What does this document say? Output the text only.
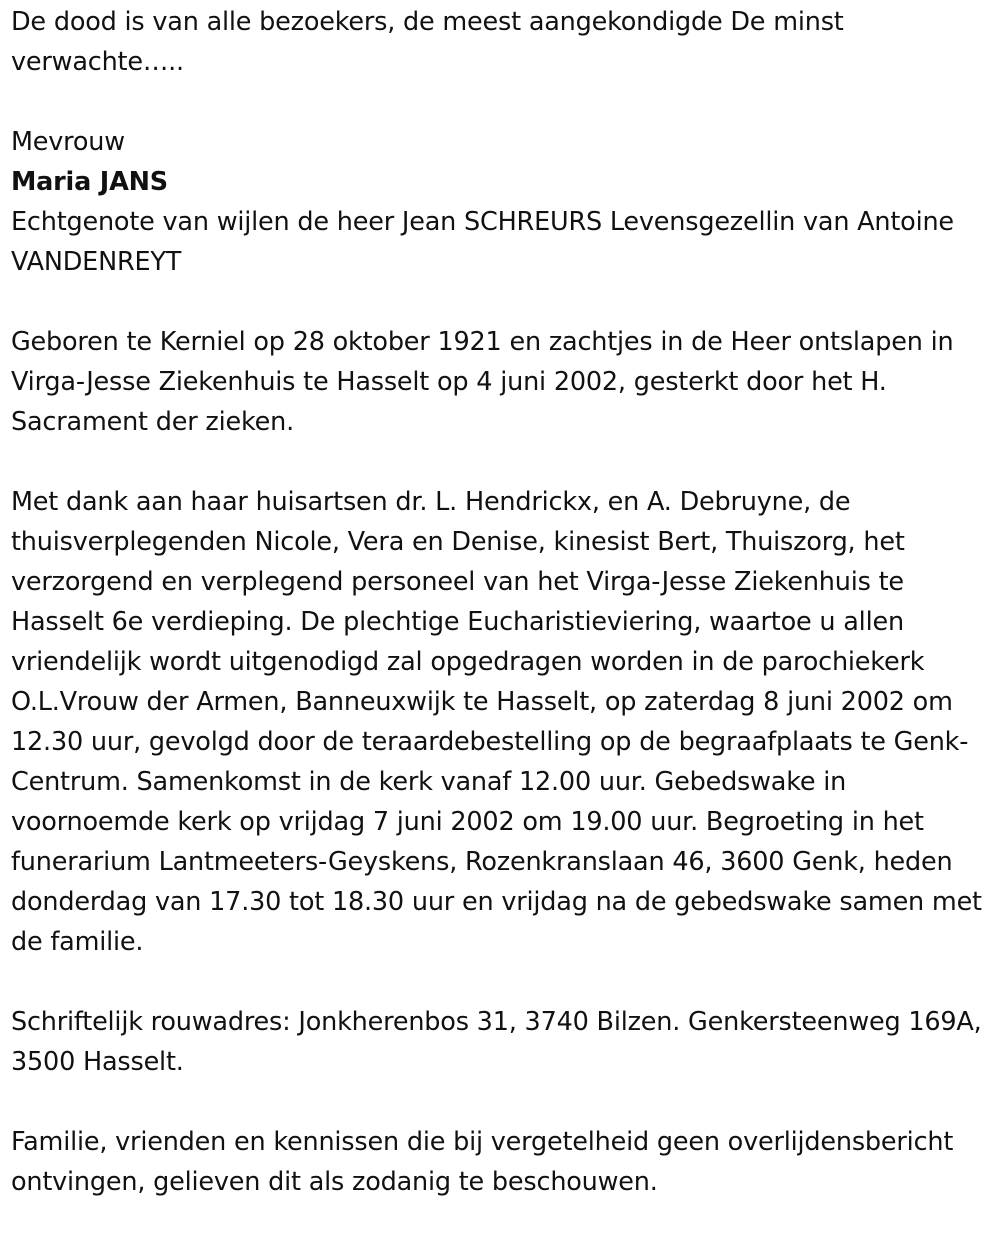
De dood is van alle bezoekers, de meest aangekondigde De minst verwachte…..

Mevrouw

Maria JANS

Echtgenote van wijlen de heer Jean SCHREURS Levensgezellin van Antoine VANDENREYT

Geboren te Kerniel op 28 oktober 1921 en zachtjes in de Heer ontslapen in Virga-Jesse Ziekenhuis te Hasselt op 4 juni 2002, gesterkt door het H. Sacrament der zieken.

Met dank aan haar huisartsen dr. L. Hendrickx, en A. Debruyne, de thuisverplegenden Nicole, Vera en Denise, kinesist Bert, Thuiszorg, het verzorgend en verplegend personeel van het Virga-Jesse Ziekenhuis te Hasselt 6e verdieping. De plechtige Eucharistieviering, waartoe u allen vriendelijk wordt uitgenodigd zal opgedragen worden in de parochiekerk O.L.Vrouw der Armen, Banneuxwijk te Hasselt, op zaterdag 8 juni 2002 om 12.30 uur, gevolgd door de teraardebestelling op de begraafplaats te Genk-Centrum. Samenkomst in de kerk vanaf 12.00 uur. Gebedswake in voornoemde kerk op vrijdag 7 juni 2002 om 19.00 uur. Begroeting in het funerarium Lantmeeters-Geyskens, Rozenkranslaan 46, 3600 Genk, heden donderdag van 17.30 tot 18.30 uur en vrijdag na de gebedswake samen met de familie.

Schriftelijk rouwadres: Jonkherenbos 31, 3740 Bilzen. Genkersteenweg 169A, 3500 Hasselt.

Familie, vrienden en kennissen die bij vergetelheid geen overlijdensbericht ontvingen, gelieven dit als zodanig te beschouwen.
